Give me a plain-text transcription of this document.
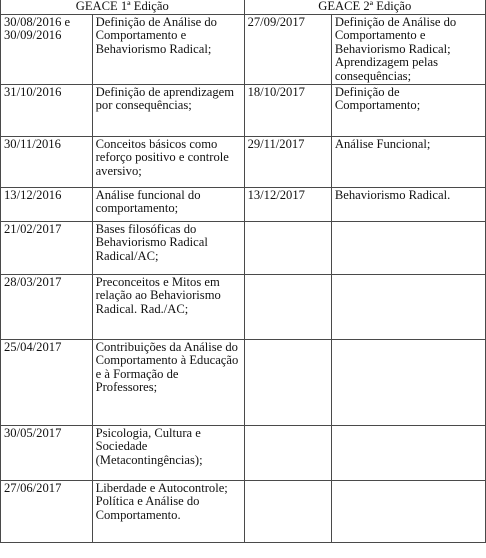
GEACE 1ª Edição		GEACE 2ª Edição	
30/08/2016 e 30/09/2016	Definição de Análise do Comportamento e Behaviorismo Radical;	27/09/2017	Definição de Análise do Comportamento e Behaviorismo Radical; Aprendizagem pelas consequências;
31/10/2016	Definição de aprendizagem por consequências;	18/10/2017	Definição de Comportamento;
30/11/2016	Conceitos básicos como reforço positivo e controle aversivo;	29/11/2017	Análise Funcional;
13/12/2016	Análise funcional do comportamento;	13/12/2017	Behaviorismo Radical.
21/02/2017	Bases filosóficas do Behaviorismo Radical Radical/AC;		
28/03/2017	Preconceitos e Mitos em relação ao Behaviorismo Radical. Rad./AC;		
25/04/2017	Contribuições da Análise do Comportamento à Educação e à Formação de Professores;		
30/05/2017	Psicologia, Cultura e Sociedade (Metacontingências);		
27/06/2017	Liberdade e Autocontrole; Política e Análise do Comportamento.		
